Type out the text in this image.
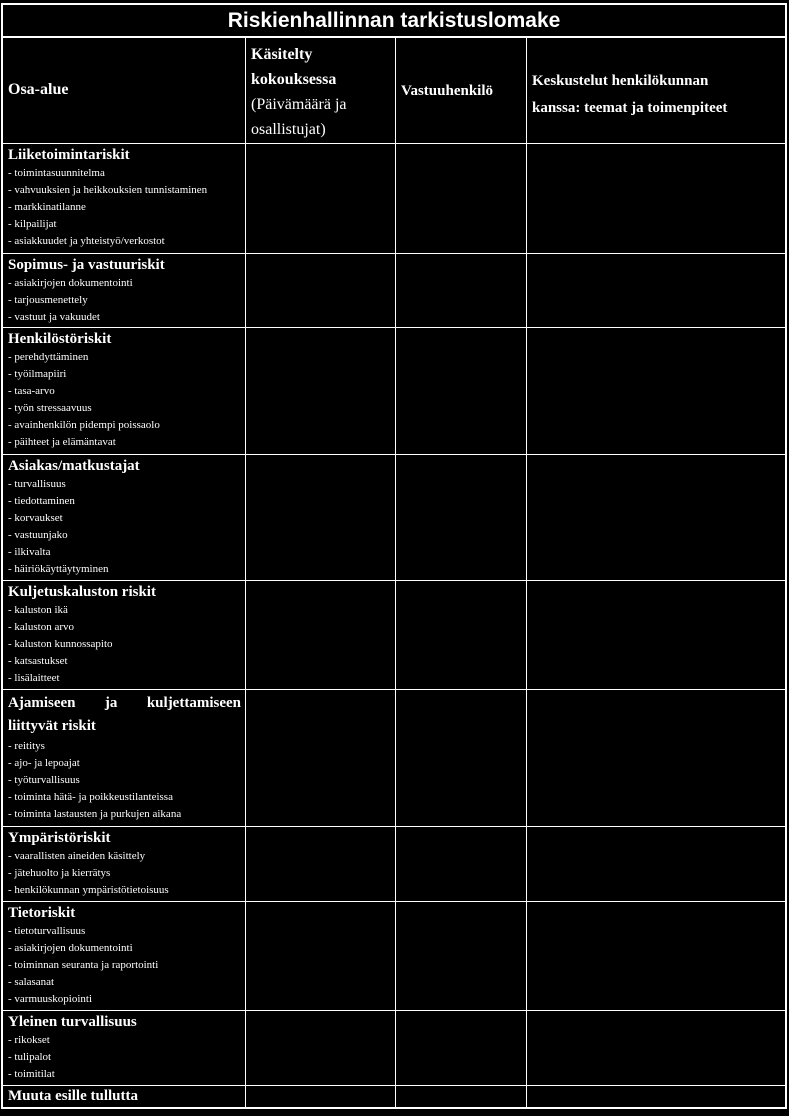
Riskienhallinnan tarkistuslomake
Osa-alue
Käsitelty
kokouksessa
(Päivämäärä ja
osallistujat)
Vastuuhenkilö
Keskustelut henkilökunnan
kanssa: teemat ja toimenpiteet
Liiketoimintariskit
- toimintasuunnitelma
- vahvuuksien ja heikkouksien tunnistaminen
- markkinatilanne
- kilpailijat
- asiakkuudet ja yhteistyö/verkostot
Sopimus- ja vastuuriskit
- asiakirjojen dokumentointi
- tarjousmenettely
- vastuut ja vakuudet
Henkilöstöriskit
- perehdyttäminen
- työilmapiiri
- tasa-arvo
- työn stressaavuus
- avainhenkilön pidempi poissaolo
- päihteet ja elämäntavat
Asiakas/matkustajat
- turvallisuus
- tiedottaminen
- korvaukset
- vastuunjako
- ilkivalta
- häiriökäyttäytyminen
Kuljetuskaluston riskit
- kaluston ikä
- kaluston arvo
- kaluston kunnossapito
- katsastukset
- lisälaitteet
Ajamiseen ja kuljettamiseen
liittyvät riskit
- reititys
- ajo- ja lepoajat
- työturvallisuus
- toiminta hätä- ja poikkeustilanteissa
- toiminta lastausten ja purkujen aikana
Ympäristöriskit
- vaarallisten aineiden käsittely
- jätehuolto ja kierrätys
- henkilökunnan ympäristötietoisuus
Tietoriskit
- tietoturvallisuus
- asiakirjojen dokumentointi
- toiminnan seuranta ja raportointi
- salasanat
- varmuuskopiointi
Yleinen turvallisuus
- rikokset
- tulipalot
- toimitilat
Muuta esille tullutta
